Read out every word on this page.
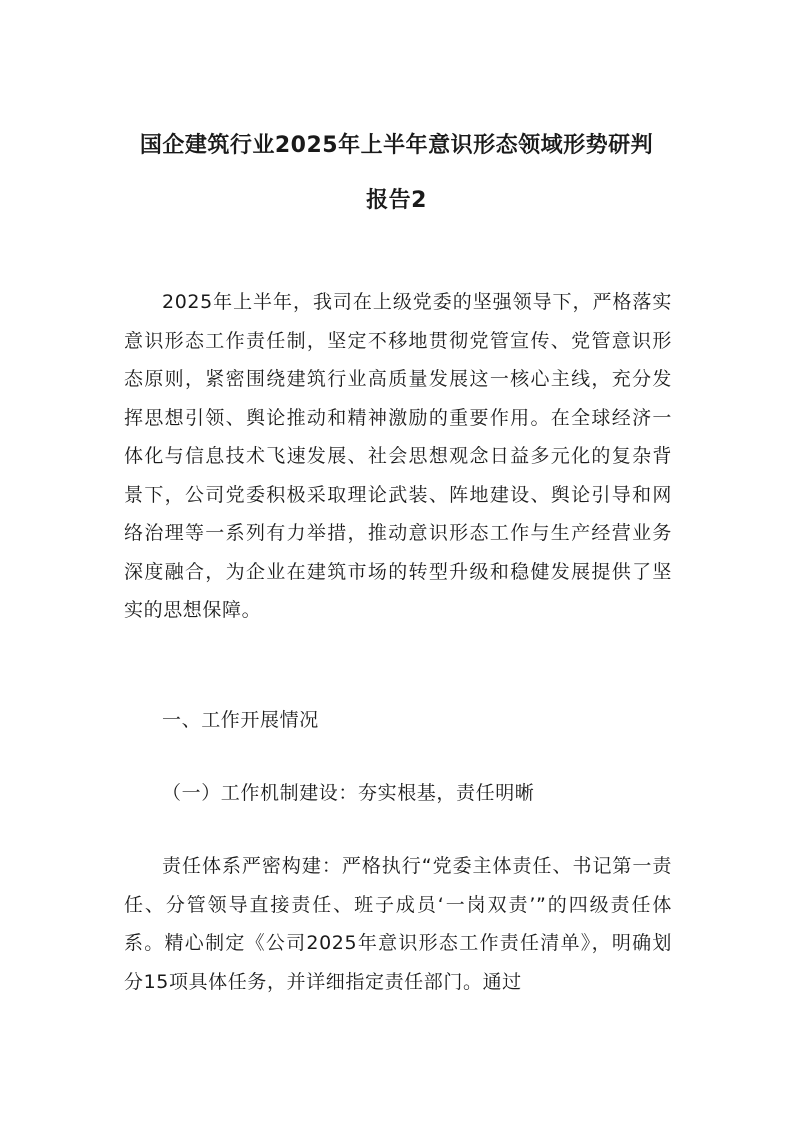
国企建筑行业2025年上半年意识形态领域形势研判
报告2

2025年上半年，我司在上级党委的坚强领导下，严格落实意识形态工作责任制，坚定不移地贯彻党管宣传、党管意识形态原则，紧密围绕建筑行业高质量发展这一核心主线，充分发挥思想引领、舆论推动和精神激励的重要作用。在全球经济一体化与信息技术飞速发展、社会思想观念日益多元化的复杂背景下，公司党委积极采取理论武装、阵地建设、舆论引导和网络治理等一系列有力举措，推动意识形态工作与生产经营业务深度融合，为企业在建筑市场的转型升级和稳健发展提供了坚实的思想保障。

一、工作开展情况
（一）工作机制建设：夯实根基，责任明晰

责任体系严密构建：严格执行“党委主体责任、书记第一责任、分管领导直接责任、班子成员‘一岗双责’”的四级责任体系。精心制定《公司2025年意识形态工作责任清单》，明确划分15项具体任务，并详细指定责任部门。通过
